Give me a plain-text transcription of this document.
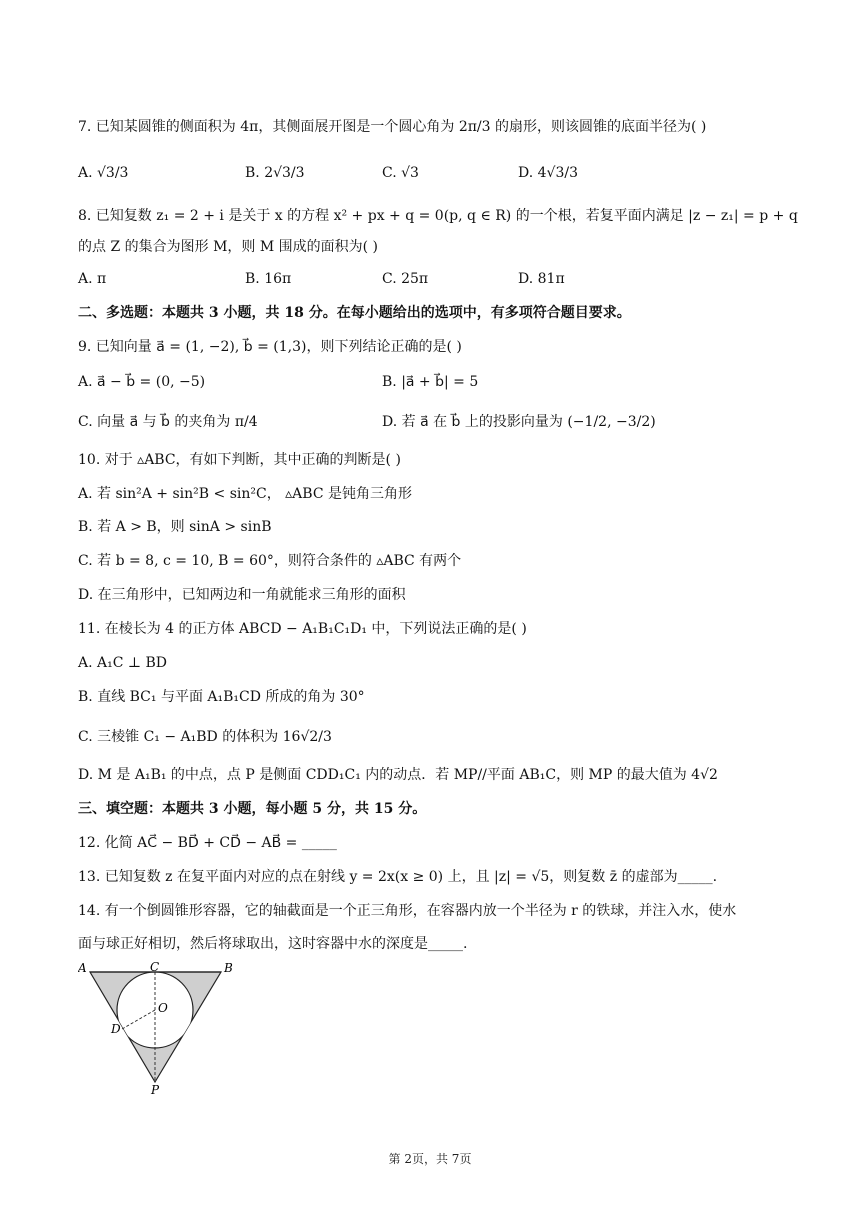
7. 已知某圆锥的侧面积为 4π，其侧面展开图是一个圆心角为 2π/3 的扇形，则该圆锥的底面半径为( )
A. √3/3	B. 2√3/3	C. √3	D. 4√3/3
8. 已知复数 z₁ = 2 + i 是关于 x 的方程 x² + px + q = 0(p, q ∈ R) 的一个根，若复平面内满足 |z − z₁| = p + q
的点 Z 的集合为图形 M，则 M 围成的面积为( )
A. π	B. 16π	C. 25π	D. 81π
二、多选题：本题共 3 小题，共 18 分。在每小题给出的选项中，有多项符合题目要求。
9. 已知向量 a⃗ = (1, −2), b⃗ = (1,3)，则下列结论正确的是( )
A. a⃗ − b⃗ = (0, −5)	B. |a⃗ + b⃗| = 5
C. 向量 a⃗ 与 b⃗ 的夹角为 π/4	D. 若 a⃗ 在 b⃗ 上的投影向量为 (−1/2, −3/2)
10. 对于 ▵ABC，有如下判断，其中正确的判断是( )
A. 若 sin²A + sin²B < sin²C， ▵ABC 是钝角三角形
B. 若 A > B，则 sinA > sinB
C. 若 b = 8, c = 10, B = 60°，则符合条件的 ▵ABC 有两个
D. 在三角形中，已知两边和一角就能求三角形的面积
11. 在棱长为 4 的正方体 ABCD − A₁B₁C₁D₁ 中，下列说法正确的是( )
A. A₁C ⊥ BD
B. 直线 BC₁ 与平面 A₁B₁CD 所成的角为 30°
C. 三棱锥 C₁ − A₁BD 的体积为 16√2/3
D. M 是 A₁B₁ 的中点，点 P 是侧面 CDD₁C₁ 内的动点．若 MP//平面 AB₁C，则 MP 的最大值为 4√2
三、填空题：本题共 3 小题，每小题 5 分，共 15 分。
12. 化简 AC⃗ − BD⃗ + CD⃗ − AB⃗ = _____
13. 已知复数 z 在复平面内对应的点在射线 y = 2x(x ≥ 0) 上，且 |z| = √5，则复数 z̄ 的虚部为_____.
14. 有一个倒圆锥形容器，它的轴截面是一个正三角形，在容器内放一个半径为 r 的铁球，并注入水，使水
面与球正好相切，然后将球取出，这时容器中水的深度是_____.
A	C	B
O
D
P
第 2页，共 7页
